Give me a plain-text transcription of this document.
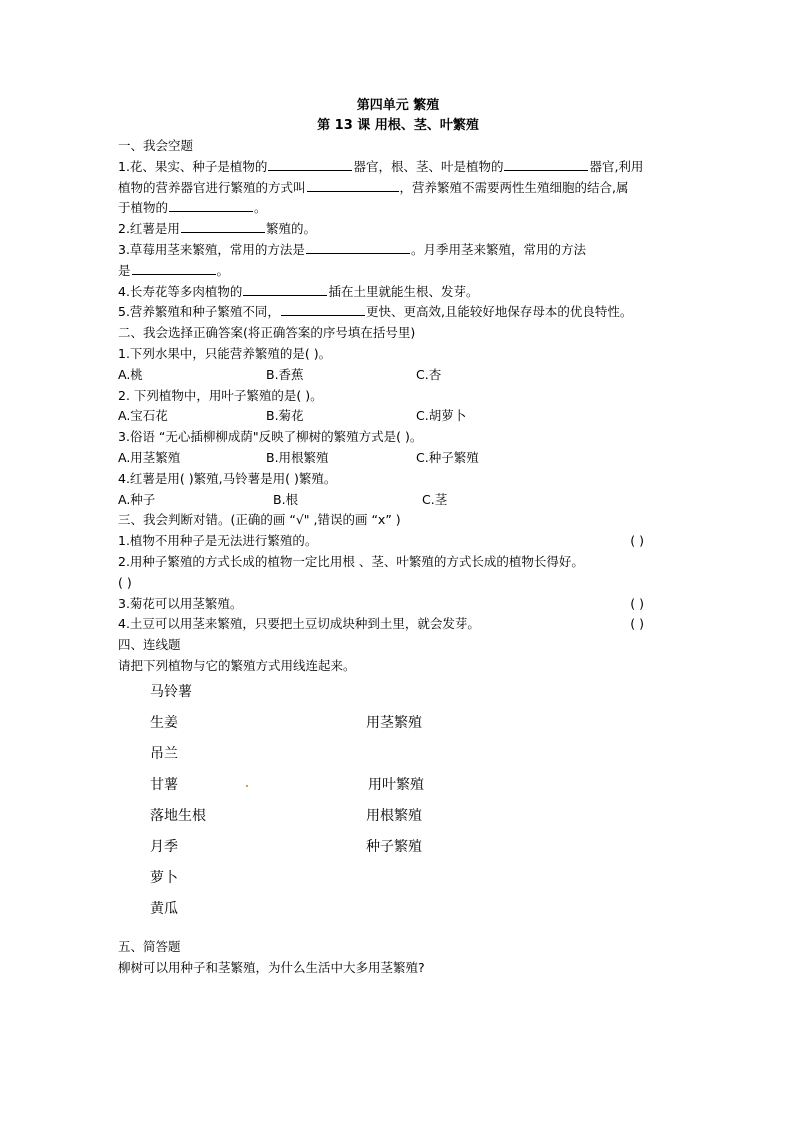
第四单元 繁殖
第 13 课 用根、茎、叶繁殖
一、我会空题
1.花、果实、种子是植物的	器官，根、茎、叶是植物的	器官,利用
植物的营养器官进行繁殖的方式叫	，营养繁殖不需要两性生殖细胞的结合,属
于植物的	。
2.红薯是用	繁殖的。
3.草莓用茎来繁殖，常用的方法是	。月季用茎来繁殖，常用的方法
是	。
4.长寿花等多肉植物的	插在土里就能生根、发芽。
5.营养繁殖和种子繁殖不同，	更快、更高效,且能较好地保存母本的优良特性。
二、我会选择正确答案(将正确答案的序号填在括号里)
1.下列水果中，只能营养繁殖的是( )。
A.桃	B.香蕉	C.杏
2. 下列植物中，用叶子繁殖的是( )。
A.宝石花	B.菊花	C.胡萝卜
3.俗语 “无心插柳柳成荫"反映了柳树的繁殖方式是( )。
A.用茎繁殖	B.用根繁殖	C.种子繁殖
4.红薯是用( )繁殖,马铃薯是用( )繁殖。
A.种子	B.根	C.茎
三、我会判断对错。(正确的画 “√" ,错误的画 “x” )
1.植物不用种子是无法进行繁殖的。	( )
2.用种子繁殖的方式长成的植物一定比用根 、茎、叶繁殖的方式长成的植物长得好。
( )
3.菊花可以用茎繁殖。	( )
4.土豆可以用茎来繁殖，只要把土豆切成块种到土里，就会发芽。	( )
四、连线题
请把下列植物与它的繁殖方式用线连起来。
马铃薯
生姜
吊兰
甘薯
落地生根
月季
萝卜
黄瓜
用茎繁殖
用叶繁殖
用根繁殖
种子繁殖
五、简答题
柳树可以用种子和茎繁殖，为什么生活中大多用茎繁殖?
